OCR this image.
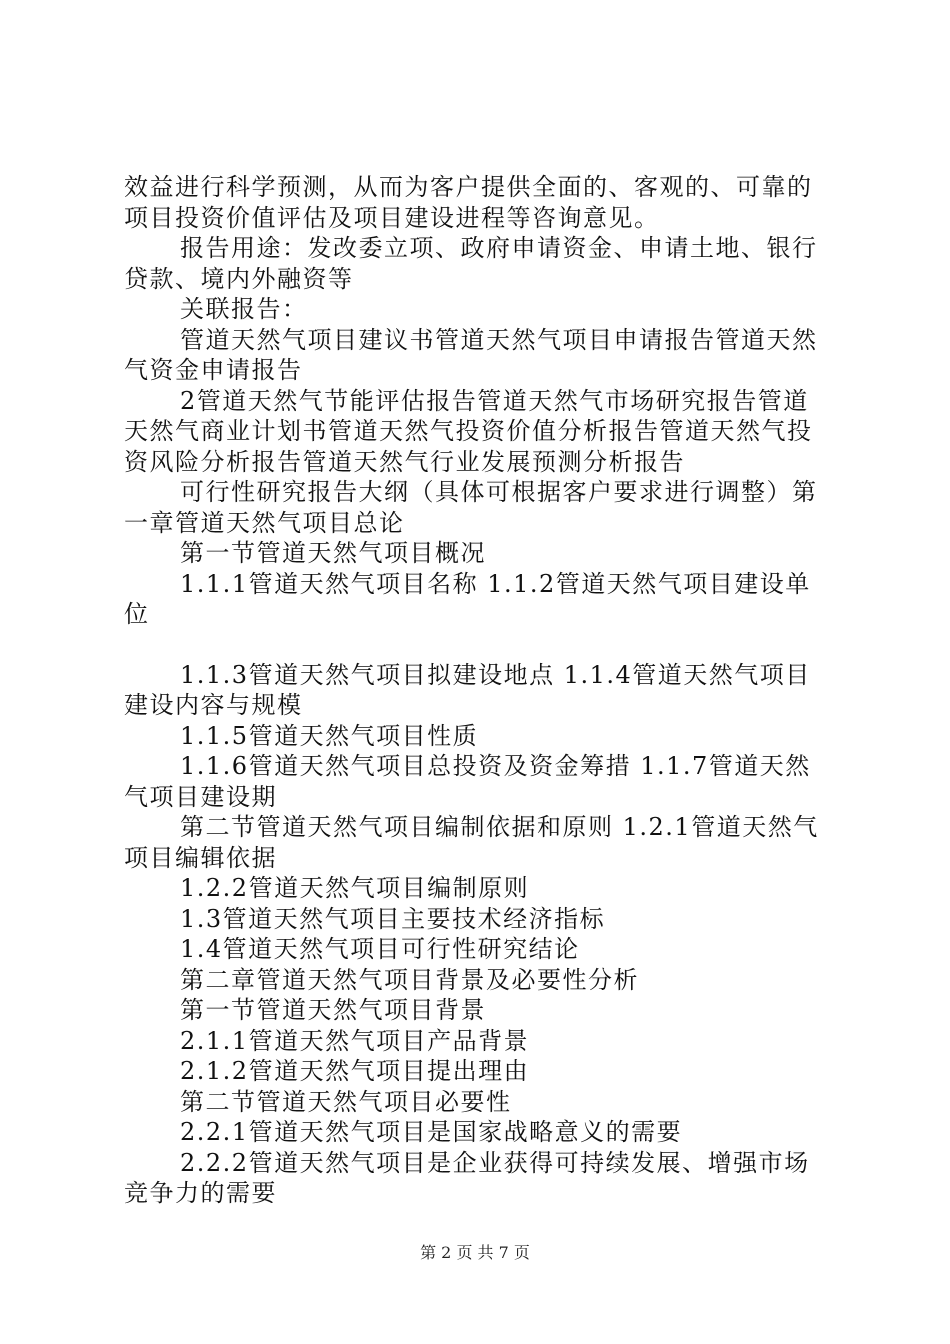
效益进行科学预测，从而为客户提供全面的、客观的、可靠的项目投资价值评估及项目建设进程等咨询意见。

报告用途：发改委立项、政府申请资金、申请土地、银行贷款、境内外融资等

关联报告：

管道天然气项目建议书管道天然气项目申请报告管道天然气资金申请报告

2管道天然气节能评估报告管道天然气市场研究报告管道天然气商业计划书管道天然气投资价值分析报告管道天然气投资风险分析报告管道天然气行业发展预测分析报告

可行性研究报告大纲（具体可根据客户要求进行调整）第一章管道天然气项目总论

第一节管道天然气项目概况

1.1.1管道天然气项目名称 1.1.2管道天然气项目建设单位

1.1.3管道天然气项目拟建设地点 1.1.4管道天然气项目建设内容与规模

1.1.5管道天然气项目性质

1.1.6管道天然气项目总投资及资金筹措 1.1.7管道天然气项目建设期

第二节管道天然气项目编制依据和原则 1.2.1管道天然气项目编辑依据

1.2.2管道天然气项目编制原则

1.3管道天然气项目主要技术经济指标

1.4管道天然气项目可行性研究结论

第二章管道天然气项目背景及必要性分析

第一节管道天然气项目背景

2.1.1管道天然气项目产品背景

2.1.2管道天然气项目提出理由

第二节管道天然气项目必要性

2.2.1管道天然气项目是国家战略意义的需要

2.2.2管道天然气项目是企业获得可持续发展、增强市场竞争力的需要

第 2 页 共 7 页
